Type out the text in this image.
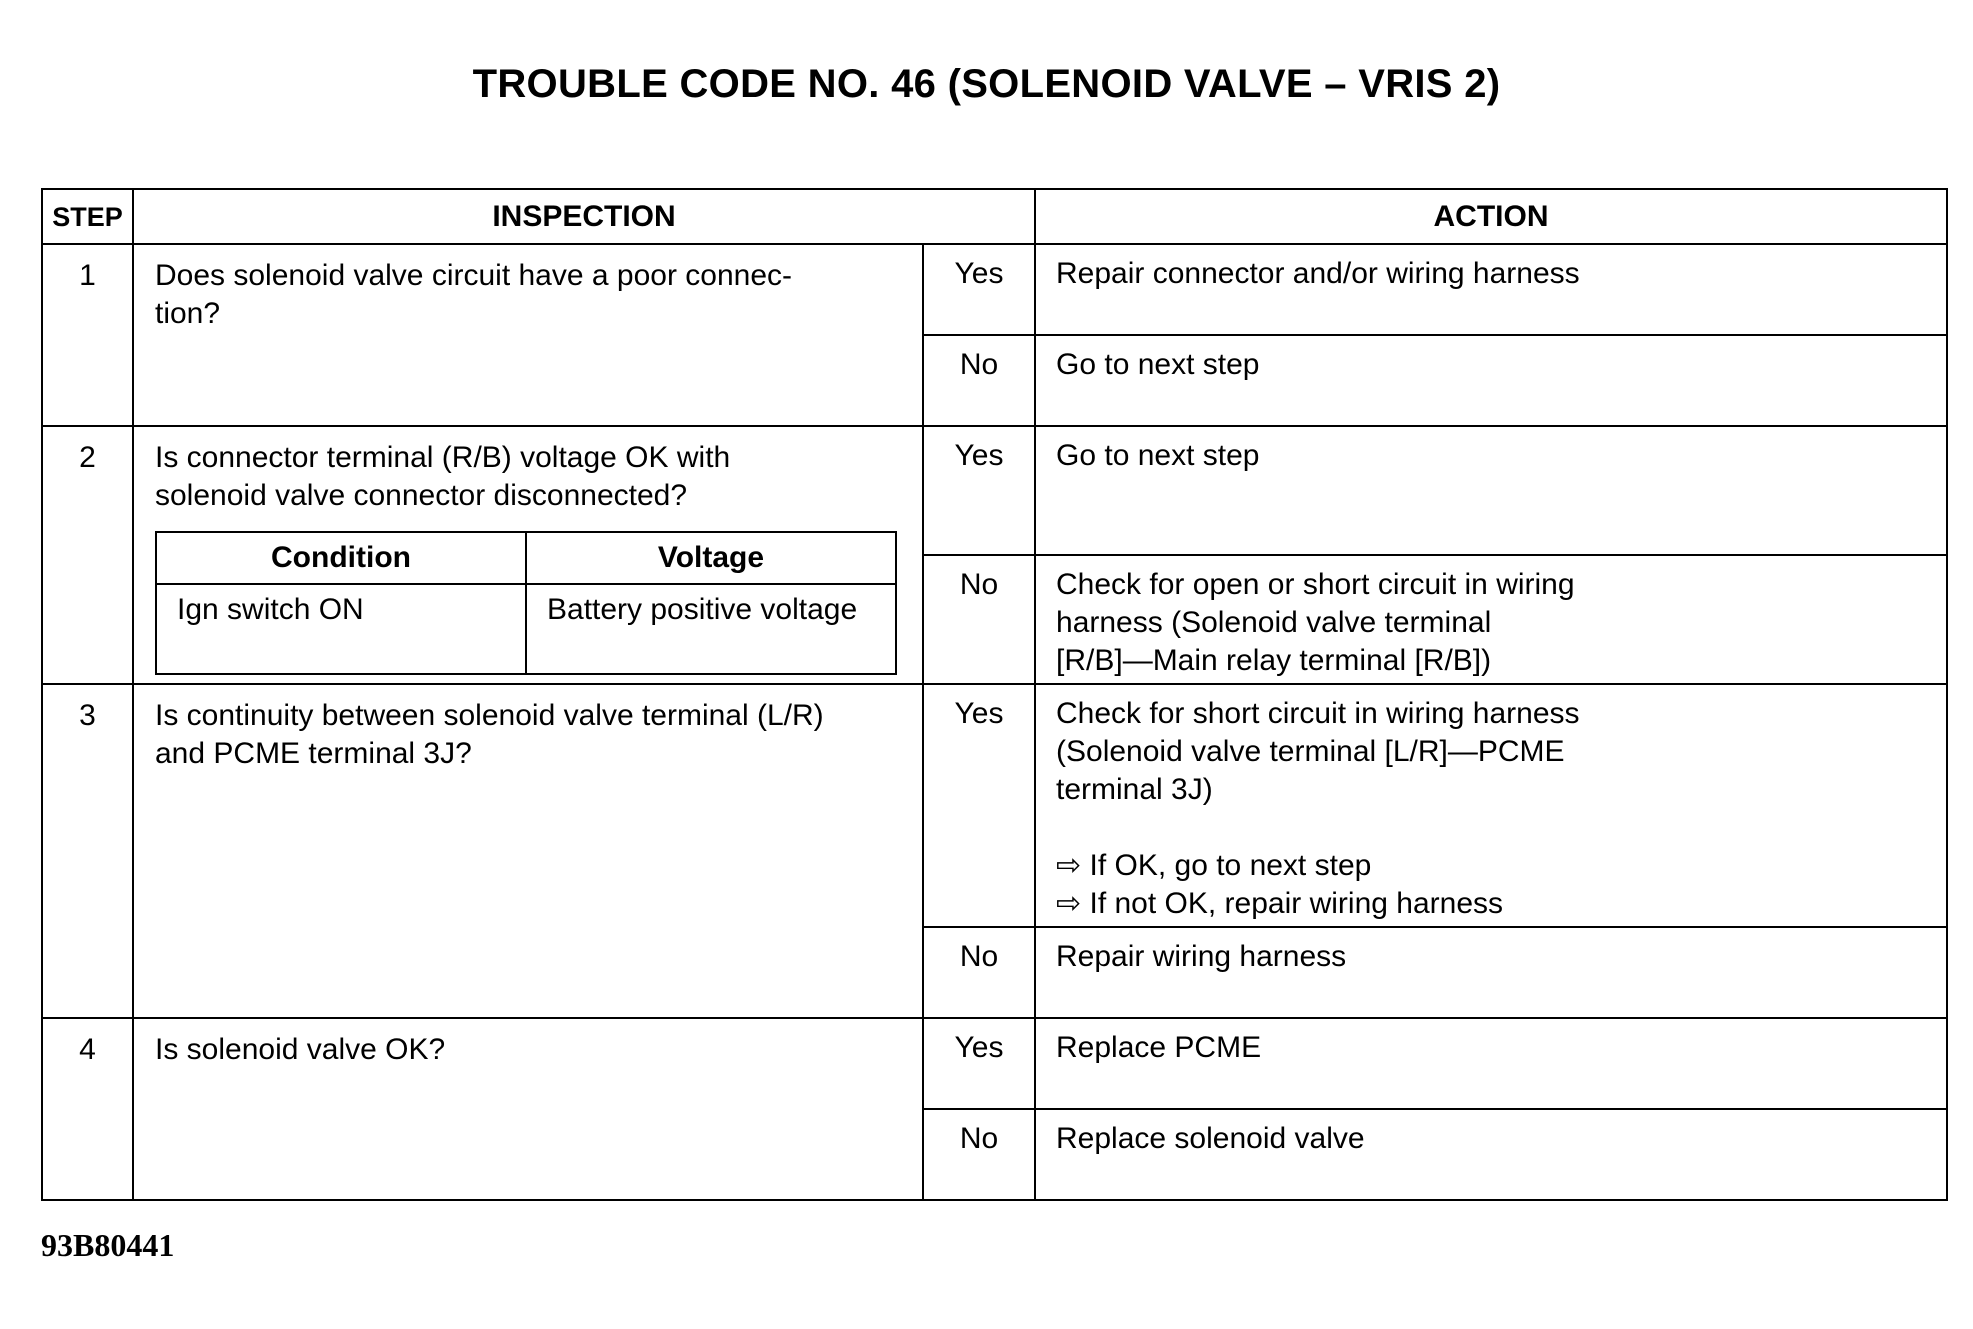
TROUBLE CODE NO. 46 (SOLENOID VALVE – VRIS 2)
STEP	INSPECTION	ACTION
1	Does solenoid valve circuit have a poor connec-
tion?
	Yes	Repair connector and/or wiring harness

No	Go to next step

2	Is connector terminal (R/B) voltage OK with
solenoid valve connector disconnected?
Condition	Voltage
Ign switch ON	Battery positive voltage
	Yes	Go to next step

No	Check for open or short circuit in wiring
harness (Solenoid valve terminal
[R/B]—Main relay terminal [R/B])

3	Is continuity between solenoid valve terminal (L/R)
and PCME terminal 3J?
	Yes	Check for short circuit in wiring harness
(Solenoid valve terminal [L/R]—PCME
terminal 3J)
⇨ If OK, go to next step
⇨ If not OK, repair wiring harness

No	Repair wiring harness

4	Is solenoid valve OK?	Yes	Replace PCME

No	Replace solenoid valve
93B80441
